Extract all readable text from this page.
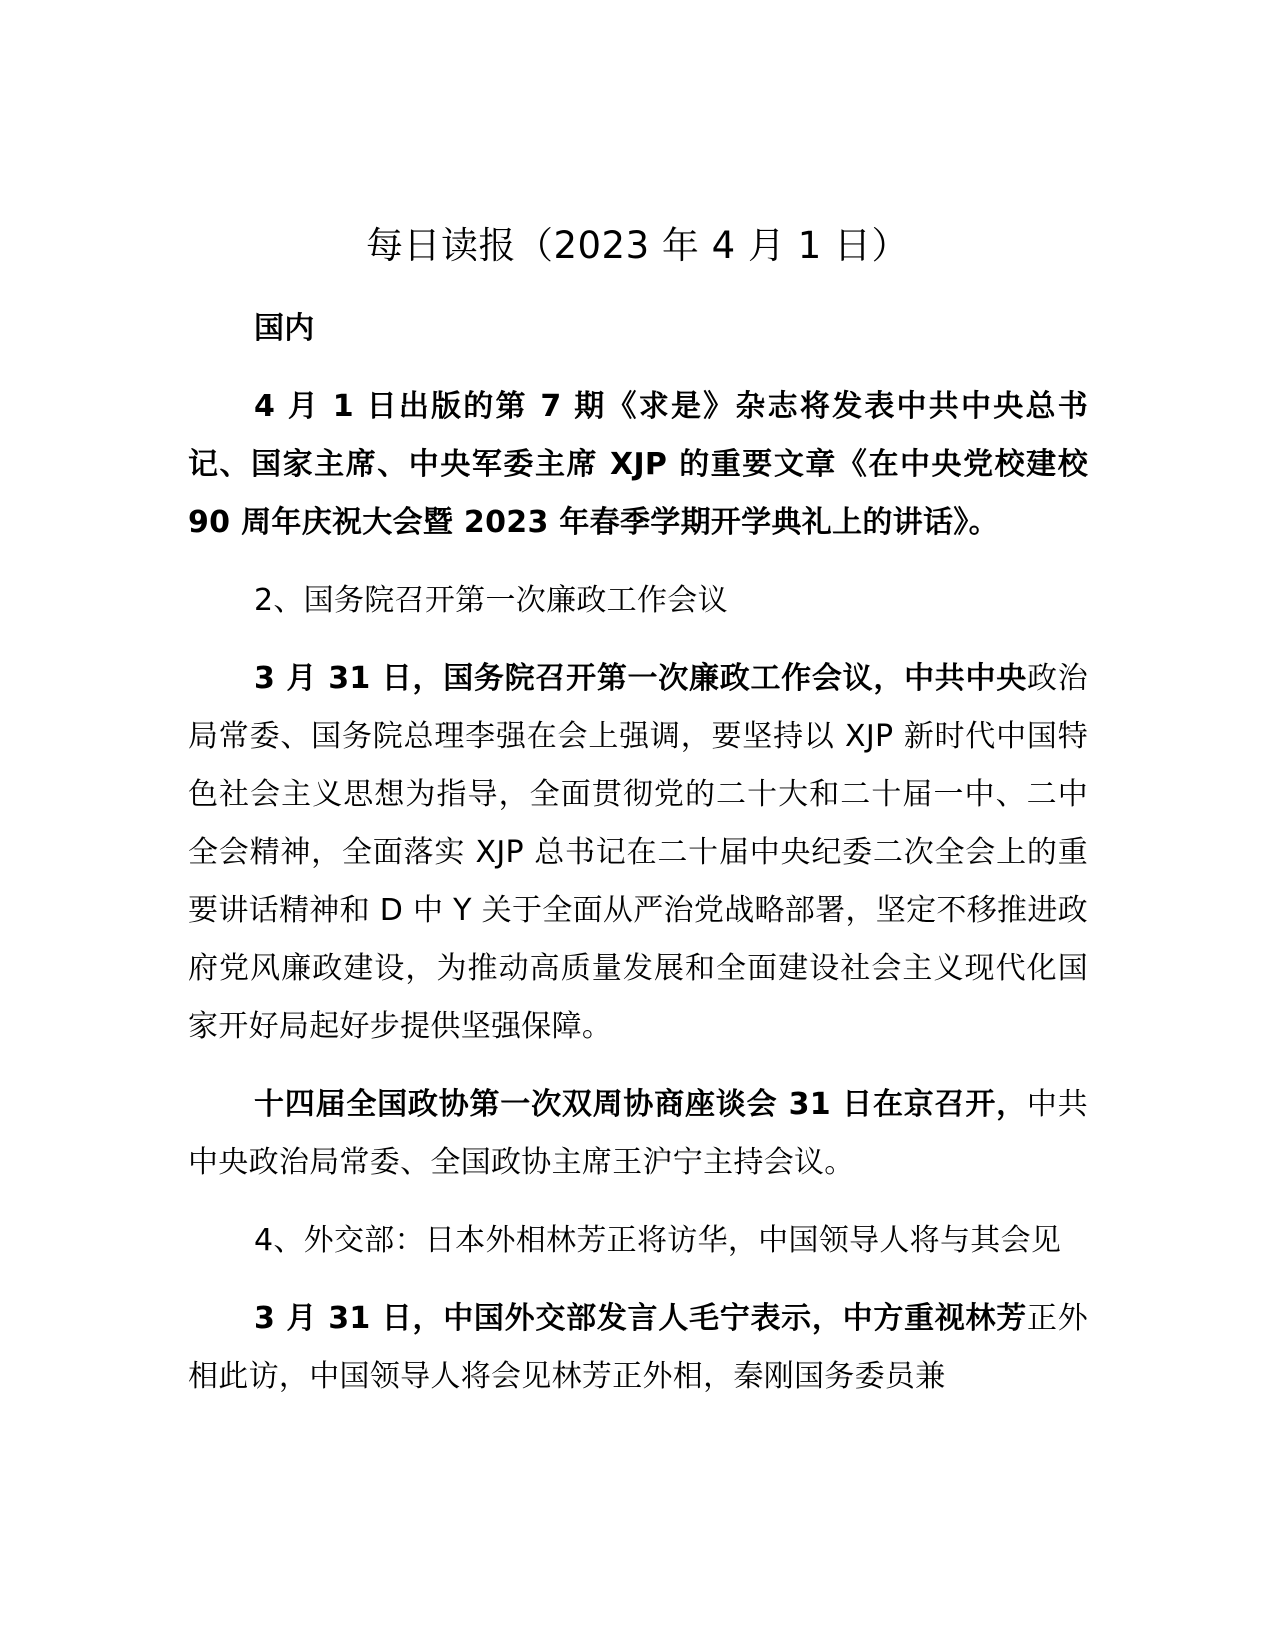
每日读报（2023 年 4 月 1 日）

国内

4 月 1 日出版的第 7 期《求是》杂志将发表中共中央总书记、国家主席、中央军委主席 XJP 的重要文章《在中央党校建校 90 周年庆祝大会暨 2023 年春季学期开学典礼上的讲话》。

2、国务院召开第一次廉政工作会议

3 月 31 日，国务院召开第一次廉政工作会议，中共中央政治局常委、国务院总理李强在会上强调，要坚持以 XJP 新时代中国特色社会主义思想为指导，全面贯彻党的二十大和二十届一中、二中全会精神，全面落实 XJP 总书记在二十届中央纪委二次全会上的重要讲话精神和 D 中 Y 关于全面从严治党战略部署，坚定不移推进政府党风廉政建设，为推动高质量发展和全面建设社会主义现代化国家开好局起好步提供坚强保障。

十四届全国政协第一次双周协商座谈会 31 日在京召开，中共中央政治局常委、全国政协主席王沪宁主持会议。

4、外交部：日本外相林芳正将访华，中国领导人将与其会见

3 月 31 日，中国外交部发言人毛宁表示，中方重视林芳正外相此访，中国领导人将会见林芳正外相，秦刚国务委员兼
